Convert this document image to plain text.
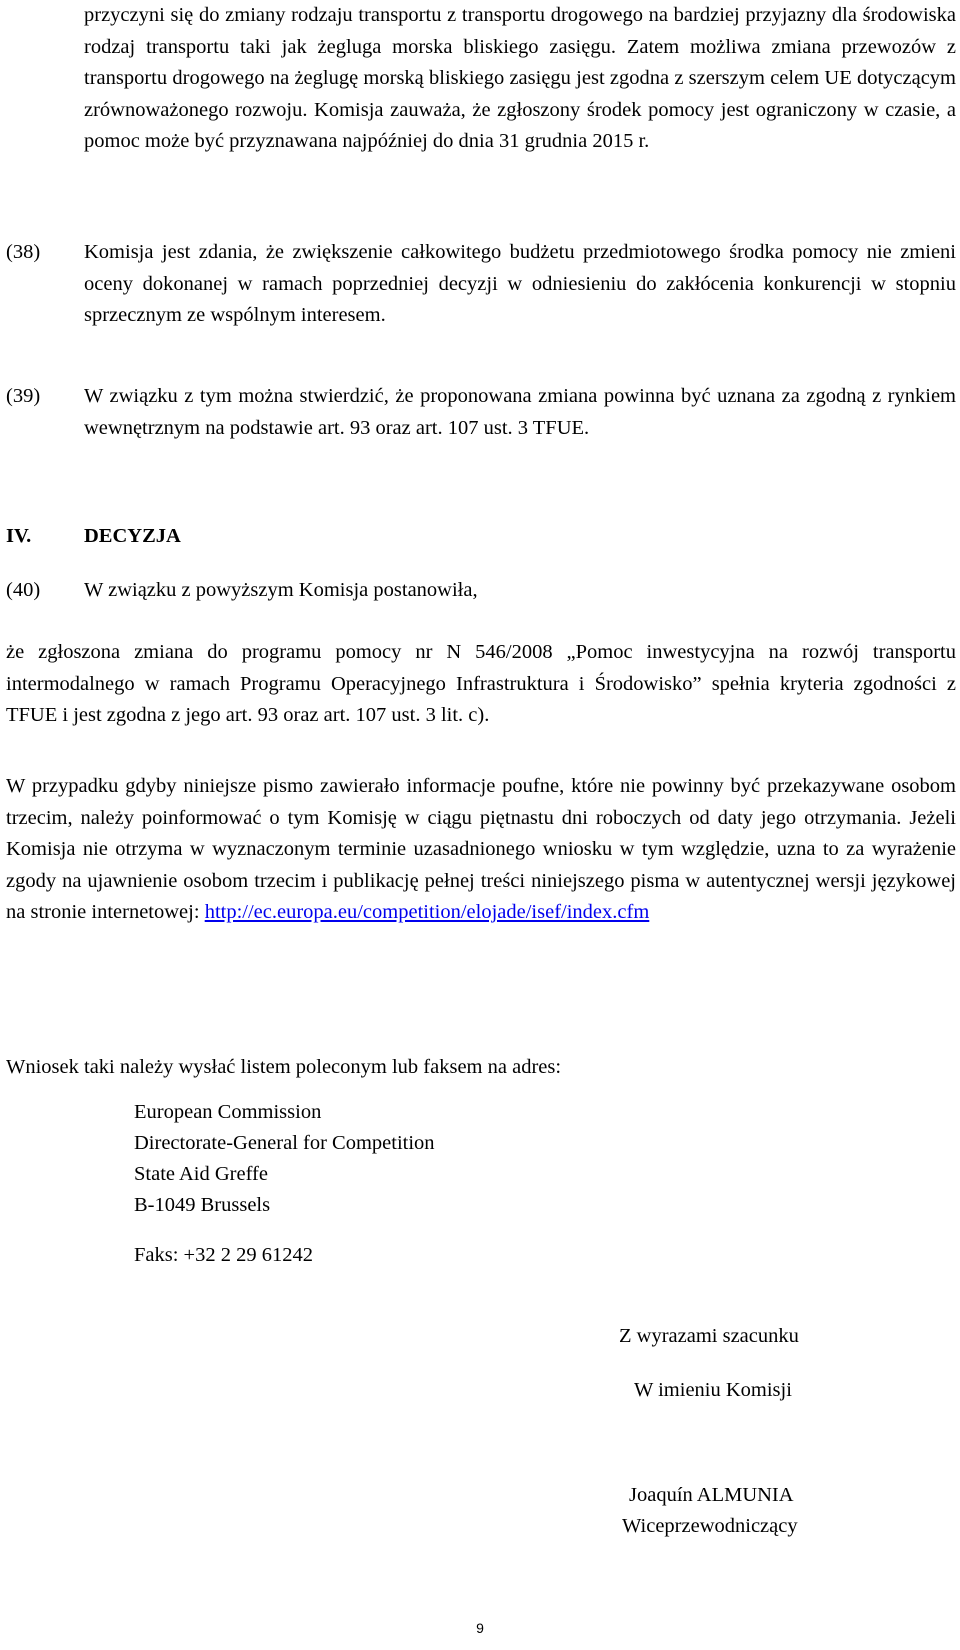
przyczyni się do zmiany rodzaju transportu z transportu drogowego na bardziej przyjazny dla środowiska rodzaj transportu taki jak żegluga morska bliskiego zasięgu. Zatem możliwa zmiana przewozów z transportu drogowego na żeglugę morską bliskiego zasięgu jest zgodna z szerszym celem UE dotyczącym zrównoważonego rozwoju. Komisja zauważa, że zgłoszony środek pomocy jest ograniczony w czasie, a pomoc może być przyznawana najpóźniej do dnia 31 grudnia 2015 r.

(38) Komisja jest zdania, że zwiększenie całkowitego budżetu przedmiotowego środka pomocy nie zmieni oceny dokonanej w ramach poprzedniej decyzji w odniesieniu do zakłócenia konkurencji w stopniu sprzecznym ze wspólnym interesem.

(39) W związku z tym można stwierdzić, że proponowana zmiana powinna być uznana za zgodną z rynkiem wewnętrznym na podstawie art. 93 oraz art. 107 ust. 3 TFUE.

IV.	DECYZJA
(40) W związku z powyższym Komisja postanowiła,

że zgłoszona zmiana do programu pomocy nr N 546/2008 „Pomoc inwestycyjna na rozwój transportu intermodalnego w ramach Programu Operacyjnego Infrastruktura i Środowisko” spełnia kryteria zgodności z TFUE i jest zgodna z jego art. 93 oraz art. 107 ust. 3 lit. c).

W przypadku gdyby niniejsze pismo zawierało informacje poufne, które nie powinny być przekazywane osobom trzecim, należy poinformować o tym Komisję w ciągu piętnastu dni roboczych od daty jego otrzymania. Jeżeli Komisja nie otrzyma w wyznaczonym terminie uzasadnionego wniosku w tym względzie, uzna to za wyrażenie zgody na ujawnienie osobom trzecim i publikację pełnej treści niniejszego pisma w autentycznej wersji językowej na stronie internetowej: http://ec.europa.eu/competition/elojade/isef/index.cfm

Wniosek taki należy wysłać listem poleconym lub faksem na adres:

European Commission
Directorate-General for Competition
State Aid Greffe
B-1049 Brussels
Faks: +32 2 29 61242
Z wyrazami szacunku
W imieniu Komisji
Joaquín ALMUNIA
Wiceprzewodniczący
9
